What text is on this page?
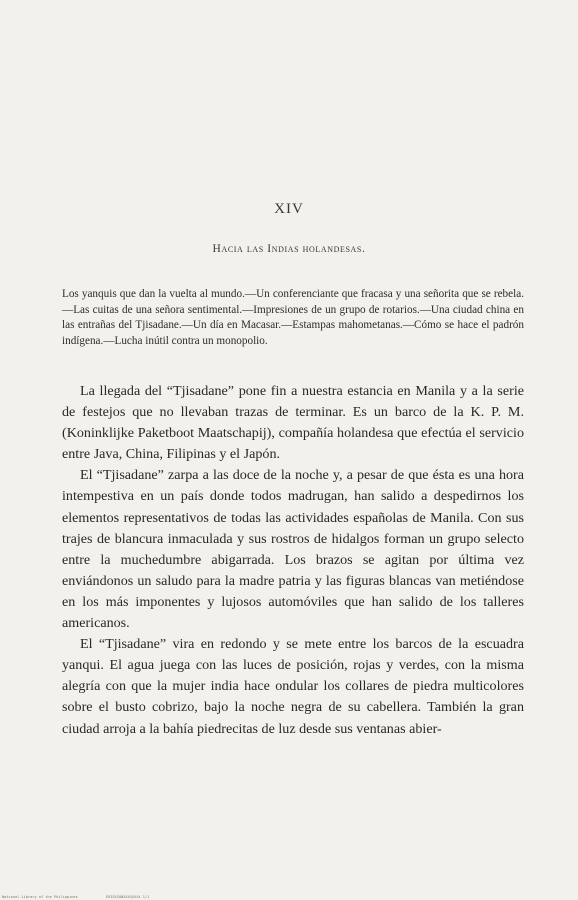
XIV
Hacia las Indias holandesas.
Los yanquis que dan la vuelta al mundo.—Un conferenciante que fracasa y una señorita que se rebela.—Las cuitas de una señora sentimental.—Impresiones de un grupo de rotarios.—Una ciudad china en las entrañas del Tjisadane.—Un día en Macasar.—Estampas mahometanas.—Cómo se hace el padrón indígena.—Lucha inútil contra un monopolio.

La llegada del “Tjisadane” pone fin a nuestra estancia en Manila y a la serie de festejos que no llevaban trazas de terminar. Es un barco de la K. P. M. (Koninklijke Paketboot Maatschapij), compañía holandesa que efectúa el servicio entre Java, China, Filipinas y el Japón.

El “Tjisadane” zarpa a las doce de la noche y, a pesar de que ésta es una hora intempestiva en un país donde todos madrugan, han salido a despedirnos los elementos representativos de todas las actividades españolas de Manila. Con sus trajes de blancura inmaculada y sus rostros de hidalgos forman un grupo selecto entre la muchedumbre abigarrada. Los brazos se agitan por última vez enviándonos un saludo para la madre patria y las figuras blancas van metiéndose en los más imponentes y lujosos automóviles que han salido de los talleres americanos.

El “Tjisadane” vira en redondo y se mete entre los barcos de la escuadra yanqui. El agua juega con las luces de posición, rojas y verdes, con la misma alegría con que la mujer india hace ondular los collares de piedra multicolores sobre el busto cobrizo, bajo la noche negra de su cabellera. También la gran ciudad arroja a la bahía piedrecitas de luz desde sus ventanas abier-

National Library of the Philippines	ERICKSONXXXXXXXX 1/1
